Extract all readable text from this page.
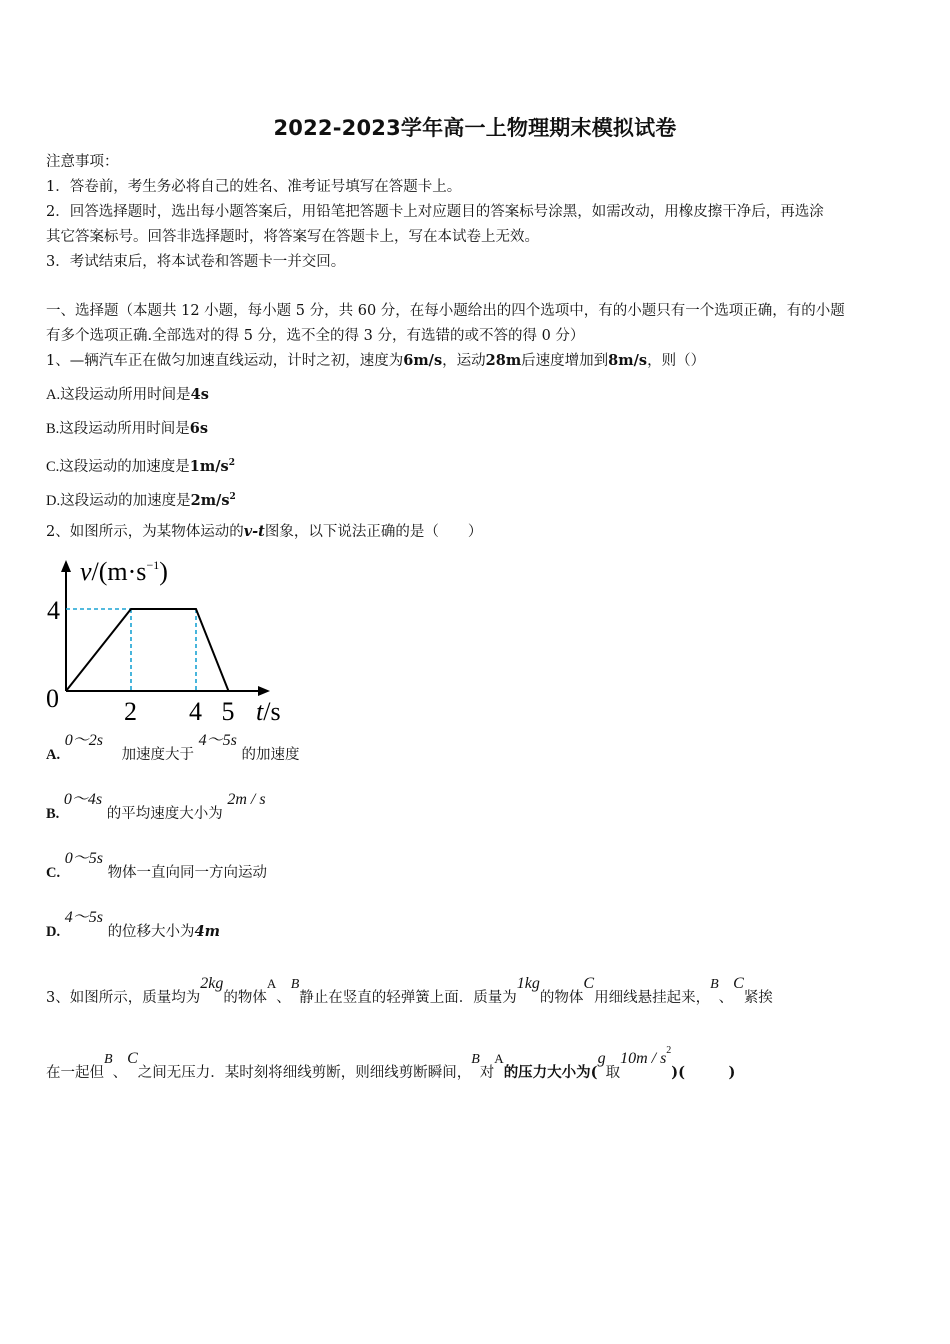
2022-2023学年高一上物理期末模拟试卷
注意事项：
1．答卷前，考生务必将自己的姓名、准考证号填写在答题卡上。
2．回答选择题时，选出每小题答案后，用铅笔把答题卡上对应题目的答案标号涂黑，如需改动，用橡皮擦干净后，再选涂
其它答案标号。回答非选择题时，将答案写在答题卡上，写在本试卷上无效。
3．考试结束后，将本试卷和答题卡一并交回。
一、选择题（本题共 12 小题，每小题 5 分，共 60 分，在每小题给出的四个选项中，有的小题只有一个选项正确，有的小题
有多个选项正确.全部选对的得 5 分，选不全的得 3 分，有选错的或不答的得 0 分）
1、—辆汽车正在做匀加速直线运动，计时之初，速度为6m/s，运动28m后速度增加到8m/s，则（）
A.这段运动所用时间是4s
B.这段运动所用时间是6s
C.这段运动的加速度是$1m/s^2$
D.这段运动的加速度是$2m/s^2$
2、如图所示，为某物体运动的v-t图象，以下说法正确的是（　　）
0
4
2 4 5
$v/(m\cdot s^{-1})$
t/s
A. 0～2s 加速度大于 4～5s 的加速度
B. 0～4s 的平均速度大小为 2m / s
C. 0～5s 物体一直向同一方向运动
D. 4～5s 的位移大小为4m
3、如图所示，质量均为2kg的物体A、B静止在竖直的轻弹簧上面．质量为1kg的物体C用细线悬挂起来，B、C紧挨
在一起但B、C之间无压力．某时刻将细线剪断，则细线剪断瞬间，B对A的压力大小为(g取$10m / s^2$)(　　　)
